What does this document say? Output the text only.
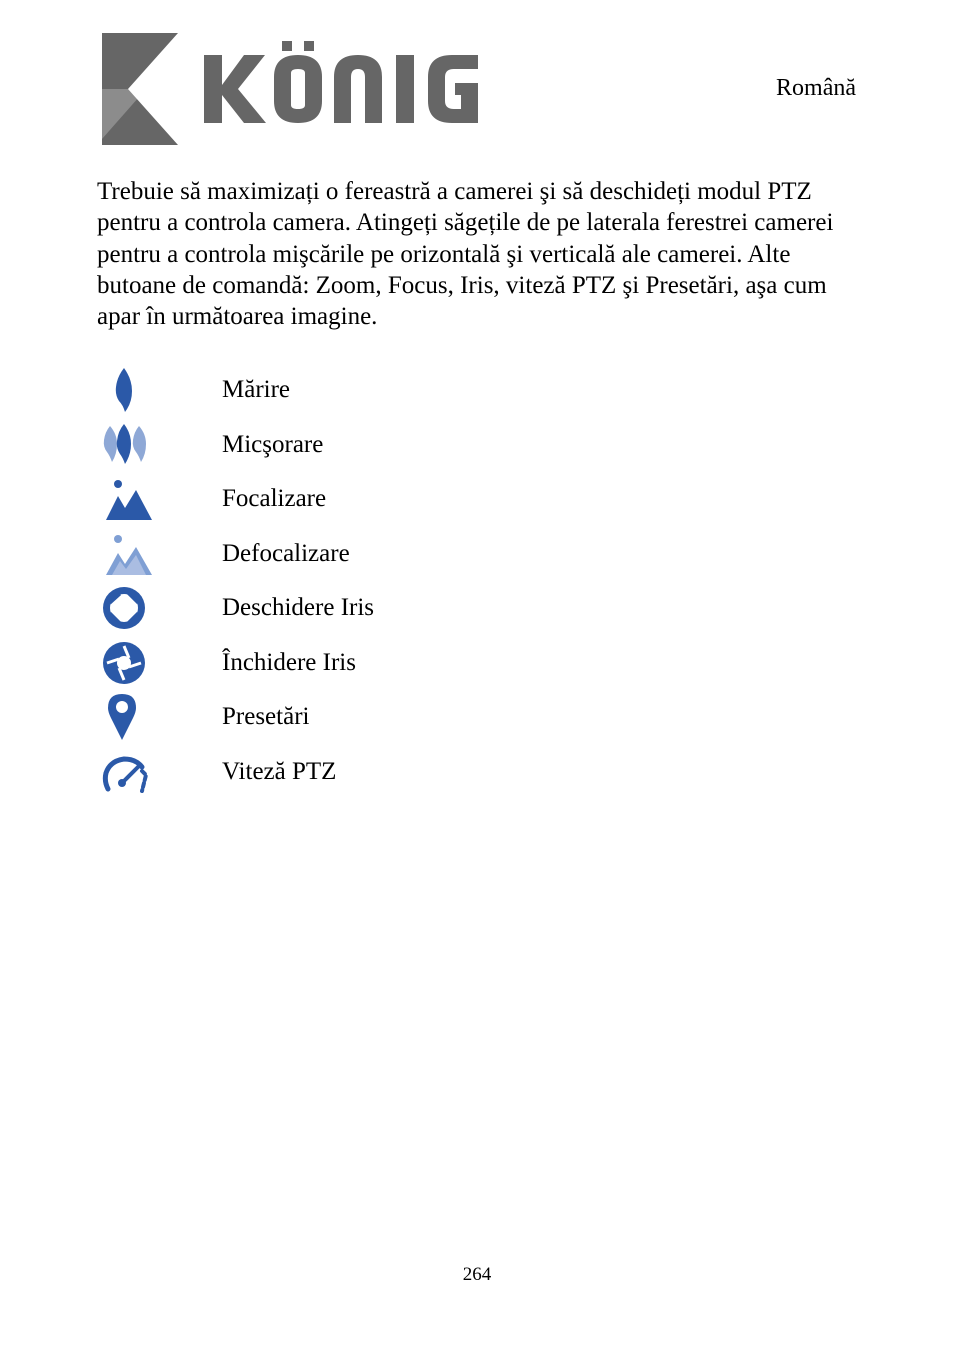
Română

Trebuie să maximizați o fereastră a camerei şi să deschideți modul PTZ pentru a controla camera. Atingeți săgețile de pe laterala ferestrei camerei pentru a controla mişcările pe orizontală şi verticală ale camerei. Alte butoane de comandă: Zoom, Focus, Iris, viteză PTZ şi Presetări, aşa cum apar în următoarea imagine.

Mărire
Micşorare
Focalizare
Defocalizare
Deschidere Iris
Închidere Iris
Presetări
Viteză PTZ
264
